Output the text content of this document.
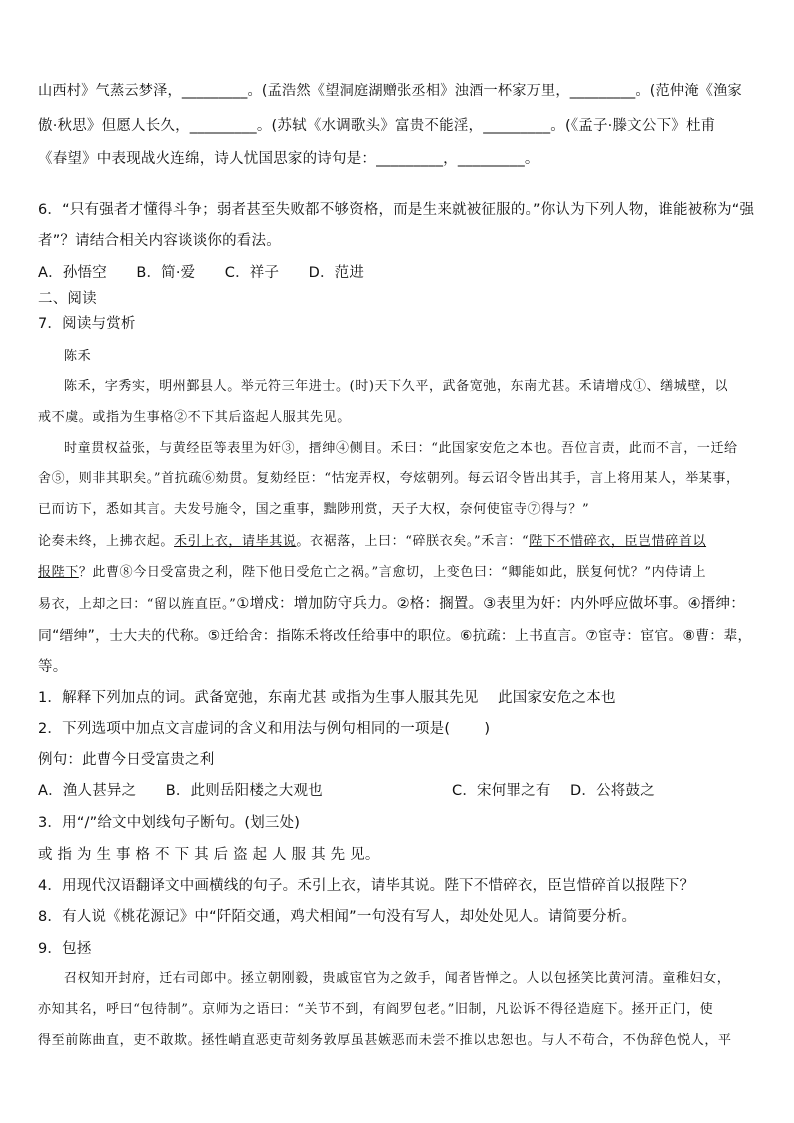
山西村》气蒸云梦泽，_________。(孟浩然《望洞庭湖赠张丞相》浊酒一杯家万里，_________。(范仲淹《渔家
傲·秋思》但愿人长久，_________。(苏轼《水调歌头》富贵不能淫，_________。(《孟子·滕文公下》杜甫
《春望》中表现战火连绵，诗人忧国思家的诗句是：_________，_________。
6．“只有强者才懂得斗争；弱者甚至失败都不够资格，而是生来就被征服的。”你认为下列人物，谁能被称为“强
者”？请结合相关内容谈谈你的看法。
A．孙悟空　　B．简·爱　　C．祥子　　D．范进
二、阅读
7．阅读与赏析
陈禾
陈禾，字秀实，明州鄞县人。举元符三年进士。(时)天下久平，武备宽弛，东南尤甚。禾请增戍①、缮城壁，以
戒不虞。或指为生事格②不下其后盗起人服其先见。
时童贯权益张，与黄经臣等表里为奸③，搢绅④侧目。禾曰：“此国家安危之本也。吾位言责，此而不言，一迁给
舍⑤，则非其职矣。”首抗疏⑥劾贯。复劾经臣：“怙宠弄权，夸炫朝列。每云诏令皆出其手，言上将用某人，举某事，
已而访下，悉如其言。夫发号施令，国之重事，黜陟刑赏，天子大权，奈何使宦寺⑦得与？”
论奏未终，上拂衣起。禾引上衣，请毕其说。衣裾落，上曰：“碎朕衣矣。”禾言：“陛下不惜碎衣，臣岂惜碎首以
报陛下？此曹⑧今日受富贵之利，陛下他日受危亡之祸。”言愈切，上变色曰：“卿能如此，朕复何忧？”内侍请上
易衣，上却之曰：“留以旌直臣。”①增戍：增加防守兵力。②格：搁置。③表里为奸：内外呼应做坏事。④搢绅：
同“缙绅”，士大夫的代称。⑤迁给舍：指陈禾将改任给事中的职位。⑥抗疏：上书直言。⑦宦寺：宦官。⑧曹：辈，
等。
1．解释下列加点的词。武备宽弛，东南尤甚 或指为生事人服其先见　 此国家安危之本也
2．下列选项中加点文言虚词的含义和用法与例句相同的一项是(　　 )
例句：此曹今日受富贵之利
A．渔人甚异之　　B．此则岳阳楼之大观也	C．宋何罪之有　 D．公将鼓之
3．用“/”给文中划线句子断句。(划三处)
或 指 为 生 事 格 不 下 其 后 盗 起 人 服 其 先 见。
4．用现代汉语翻译文中画横线的句子。禾引上衣，请毕其说。陛下不惜碎衣，臣岂惜碎首以报陛下？
8．有人说《桃花源记》中“阡陌交通，鸡犬相闻”一句没有写人，却处处见人。请简要分析。
9．包拯
召权知开封府，迁右司郎中。拯立朝刚毅，贵戚宦官为之敛手，闻者皆惮之。人以包拯笑比黄河清。童稚妇女，
亦知其名，呼曰“包待制”。京师为之语曰：“关节不到，有阎罗包老。”旧制，凡讼诉不得径造庭下。拯开正门，使
得至前陈曲直，吏不敢欺。拯性峭直恶吏苛刻务敦厚虽甚嫉恶而未尝不推以忠恕也。与人不苟合，不伪辞色悦人，平
